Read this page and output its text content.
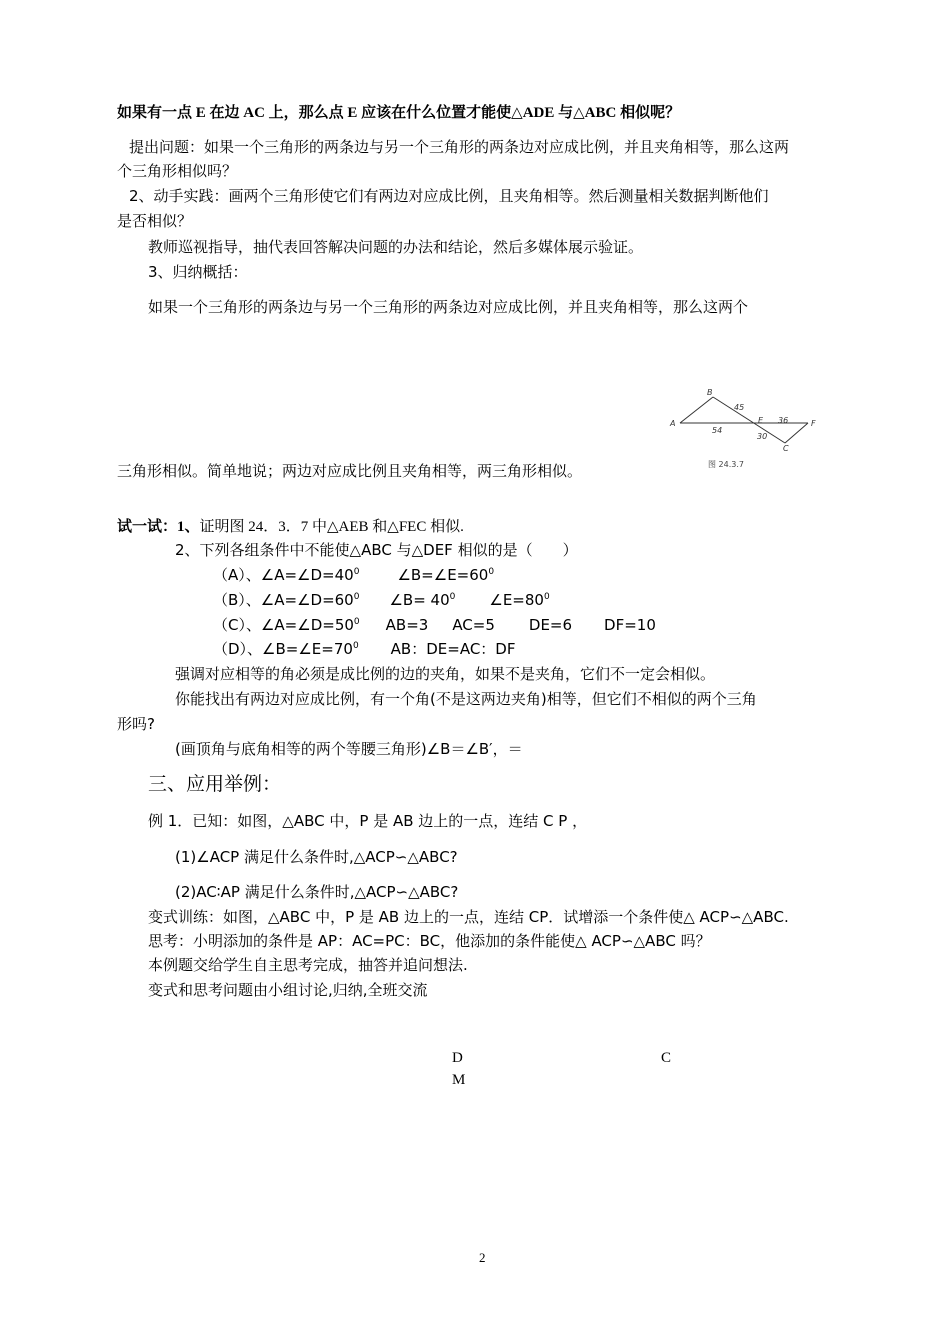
如果有一点 E 在边 AC 上，那么点 E 应该在什么位置才能使△ADE 与△ABC 相似呢？
提出问题：如果一个三角形的两条边与另一个三角形的两条边对应成比例，并且夹角相等，那么这两
个三角形相似吗？
2、动手实践：画两个三角形使它们有两边对应成比例，且夹角相等。然后测量相关数据判断他们
是否相似？
教师巡视指导，抽代表回答解决问题的办法和结论，然后多媒体展示验证。
3、归纳概括：
如果一个三角形的两条边与另一个三角形的两条边对应成比例，并且夹角相等，那么这两个
B
A	E	F
C
45
36
54
30
图 24.3.7
三角形相似。简单地说；两边对应成比例且夹角相等，两三角形相似。
试一试：1、证明图 24．3．7 中△AEB 和△FEC 相似.
2、下列各组条件中不能使△ABC 与△DEF 相似的是（　　）
（A）、$\angle A=\angle D=40^0$	$\angle B=\angle E=60^0$
（B）、$\angle A=\angle D=60^0$ ∠B= $40^0$ $\angle E=80^0$
（C）、$\angle A=\angle D=50^0$ AB=3 AC=5 DE=6 DF=10
（D）、$\angle B=\angle E=70^0$ AB：DE=AC：DF
强调对应相等的角必须是成比例的边的夹角，如果不是夹角，它们不一定会相似。
你能找出有两边对应成比例，有一个角(不是这两边夹角)相等，但它们不相似的两个三角
形吗?
(画顶角与底角相等的两个等腰三角形)∠B＝∠B′，＝
三、应用举例：
例 1．已知：如图，△ABC 中，P 是 AB 边上的一点，连结 C P ，
(1)∠ACP 满足什么条件时,△ACP∽△ABC?
(2)AC∶AP 满足什么条件时,△ACP∽△ABC?
变式训练：如图，△ABC 中，P 是 AB 边上的一点，连结 CP．试增添一个条件使△ ACP∽△ABC.
思考：小明添加的条件是 AP：AC=PC：BC，他添加的条件能使△ ACP∽△ABC 吗？
本例题交给学生自主思考完成，抽答并追问想法.
变式和思考问题由小组讨论,归纳,全班交流
D	C
M
2
